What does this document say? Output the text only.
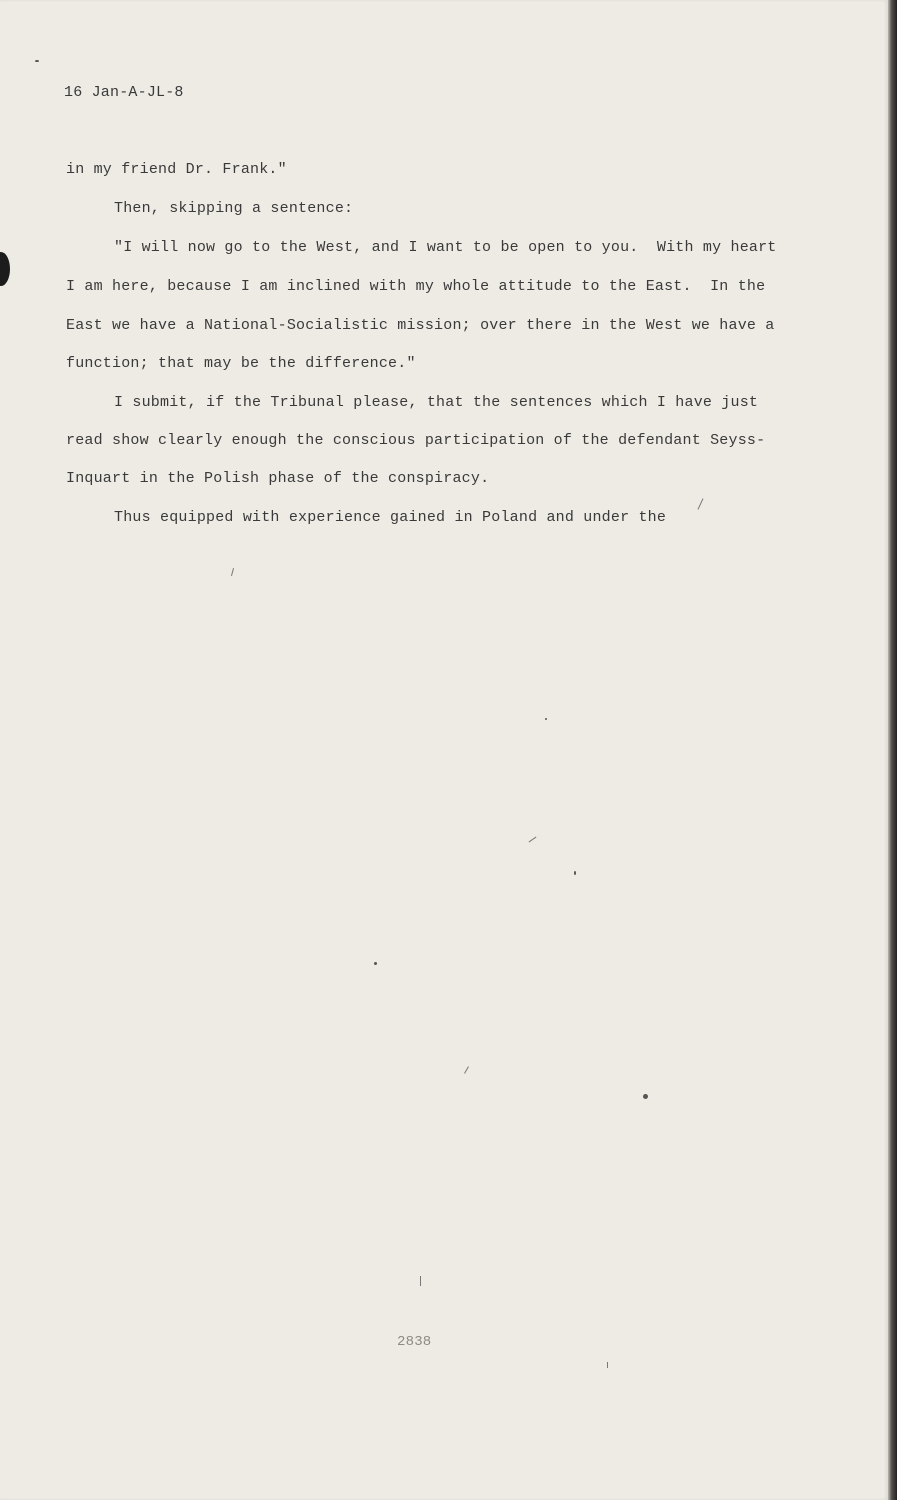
16 Jan-A-JL-8
in my friend Dr. Frank."
Then, skipping a sentence:
"I will now go to the West, and I want to be open to you.  With my heart
I am here, because I am inclined with my whole attitude to the East.  In the
East we have a National-Socialistic mission; over there in the West we have a
function; that may be the difference."
I submit, if the Tribunal please, that the sentences which I have just
read show clearly enough the conscious participation of the defendant Seyss-
Inquart in the Polish phase of the conspiracy.
Thus equipped with experience gained in Poland and under the
2838
